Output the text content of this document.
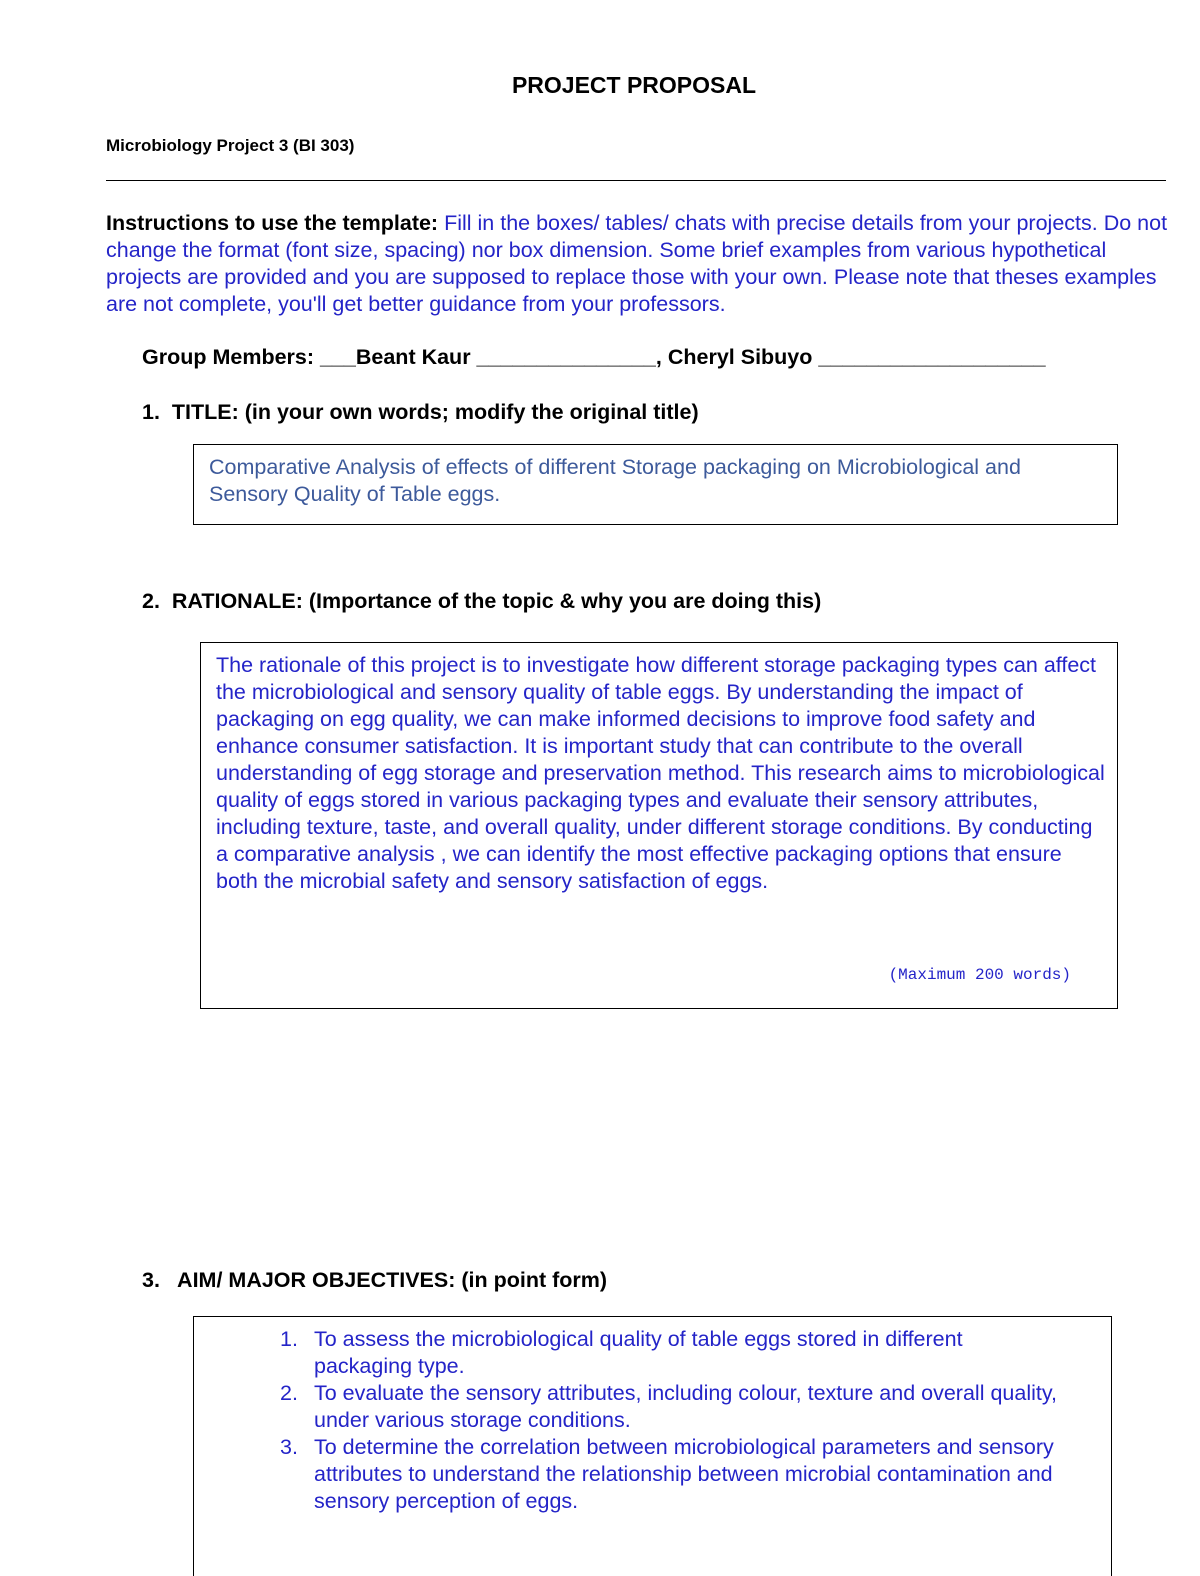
PROJECT PROPOSAL
Microbiology Project 3 (BI 303)
Instructions to use the template: Fill in the boxes/ tables/ chats with precise details from your projects. Do not change the format (font size, spacing) nor box dimension. Some brief examples from various hypothetical projects are provided and you are supposed to replace those with your own. Please note that theses examples are not complete, you'll get better guidance from your professors.
Group Members: ___Beant Kaur _______________, Cheryl Sibuyo ___________________
1.  TITLE: (in your own words; modify the original title)
Comparative Analysis of effects of different Storage packaging on Microbiological and Sensory Quality of Table eggs.
2.  RATIONALE: (Importance of the topic & why you are doing this)
The rationale of this project is to investigate how different storage packaging types can affect the microbiological and sensory quality of table eggs. By understanding the impact of packaging on egg quality, we can make informed decisions to improve food safety and enhance consumer satisfaction. It is important study that can contribute to the overall understanding of egg storage and preservation method. This research aims to microbiological quality of eggs stored in various packaging types and evaluate their sensory attributes, including texture, taste, and overall quality, under different storage conditions. By conducting a comparative analysis , we can identify the most effective packaging options that ensure both the microbial safety and sensory satisfaction of eggs.
(Maximum 200 words)
3.   AIM/ MAJOR OBJECTIVES: (in point form)
1. To assess the microbiological quality of table eggs stored in different packaging type.
2. To evaluate the sensory attributes, including colour, texture and overall quality, under various storage conditions.
3. To determine the correlation between microbiological parameters and sensory attributes to understand the relationship between microbial contamination and sensory perception of eggs.
